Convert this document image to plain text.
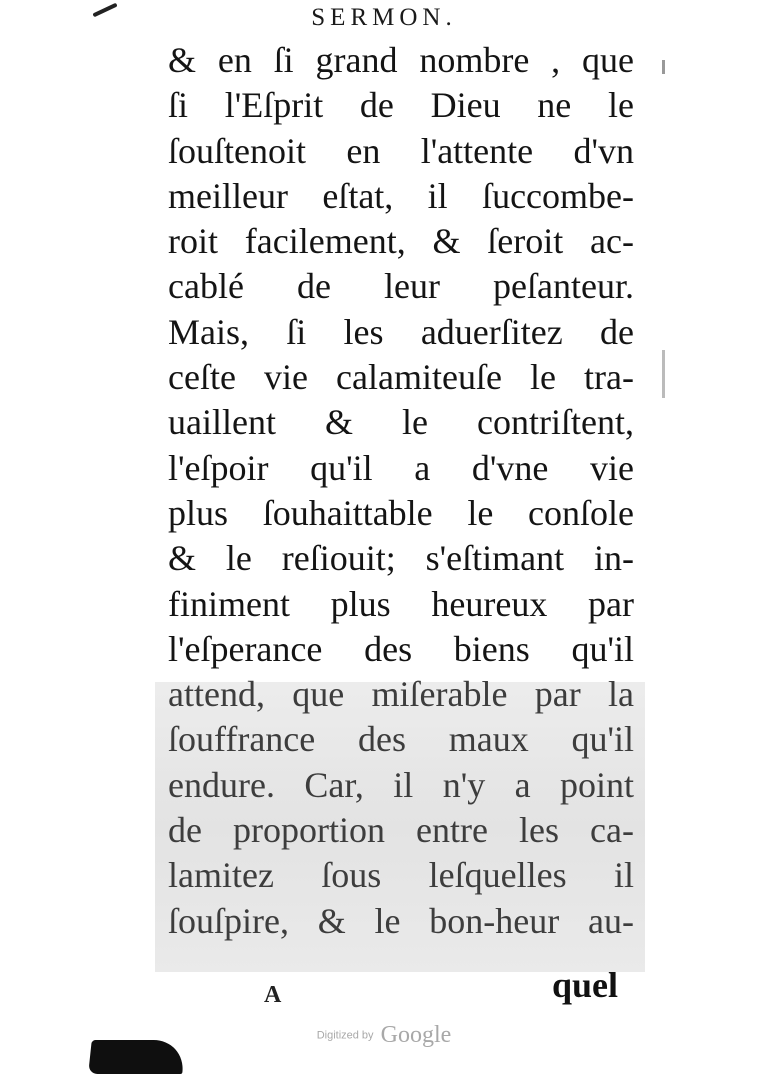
SERMON.
& en ſi grand nombre , que
ſi l'Eſprit de Dieu ne le
ſouſtenoit en l'attente d'vn
meilleur eſtat, il ſuccombe-
roit facilement, & ſeroit ac-
cablé de leur peſanteur.
Mais, ſi les aduerſitez de
ceſte vie calamiteuſe le tra-
uaillent & le contriſtent,
l'eſpoir qu'il a d'vne vie
plus ſouhaittable le conſole
& le reſiouit; s'eſtimant in-
finiment plus heureux par
l'eſperance des biens qu'il
attend, que miſerable par la
ſouffrance des maux qu'il
endure. Car, il n'y a point
de proportion entre les ca-
lamitez ſous leſquelles il
ſouſpire, & le bon-heur au-
A	quel
Digitized by Google
